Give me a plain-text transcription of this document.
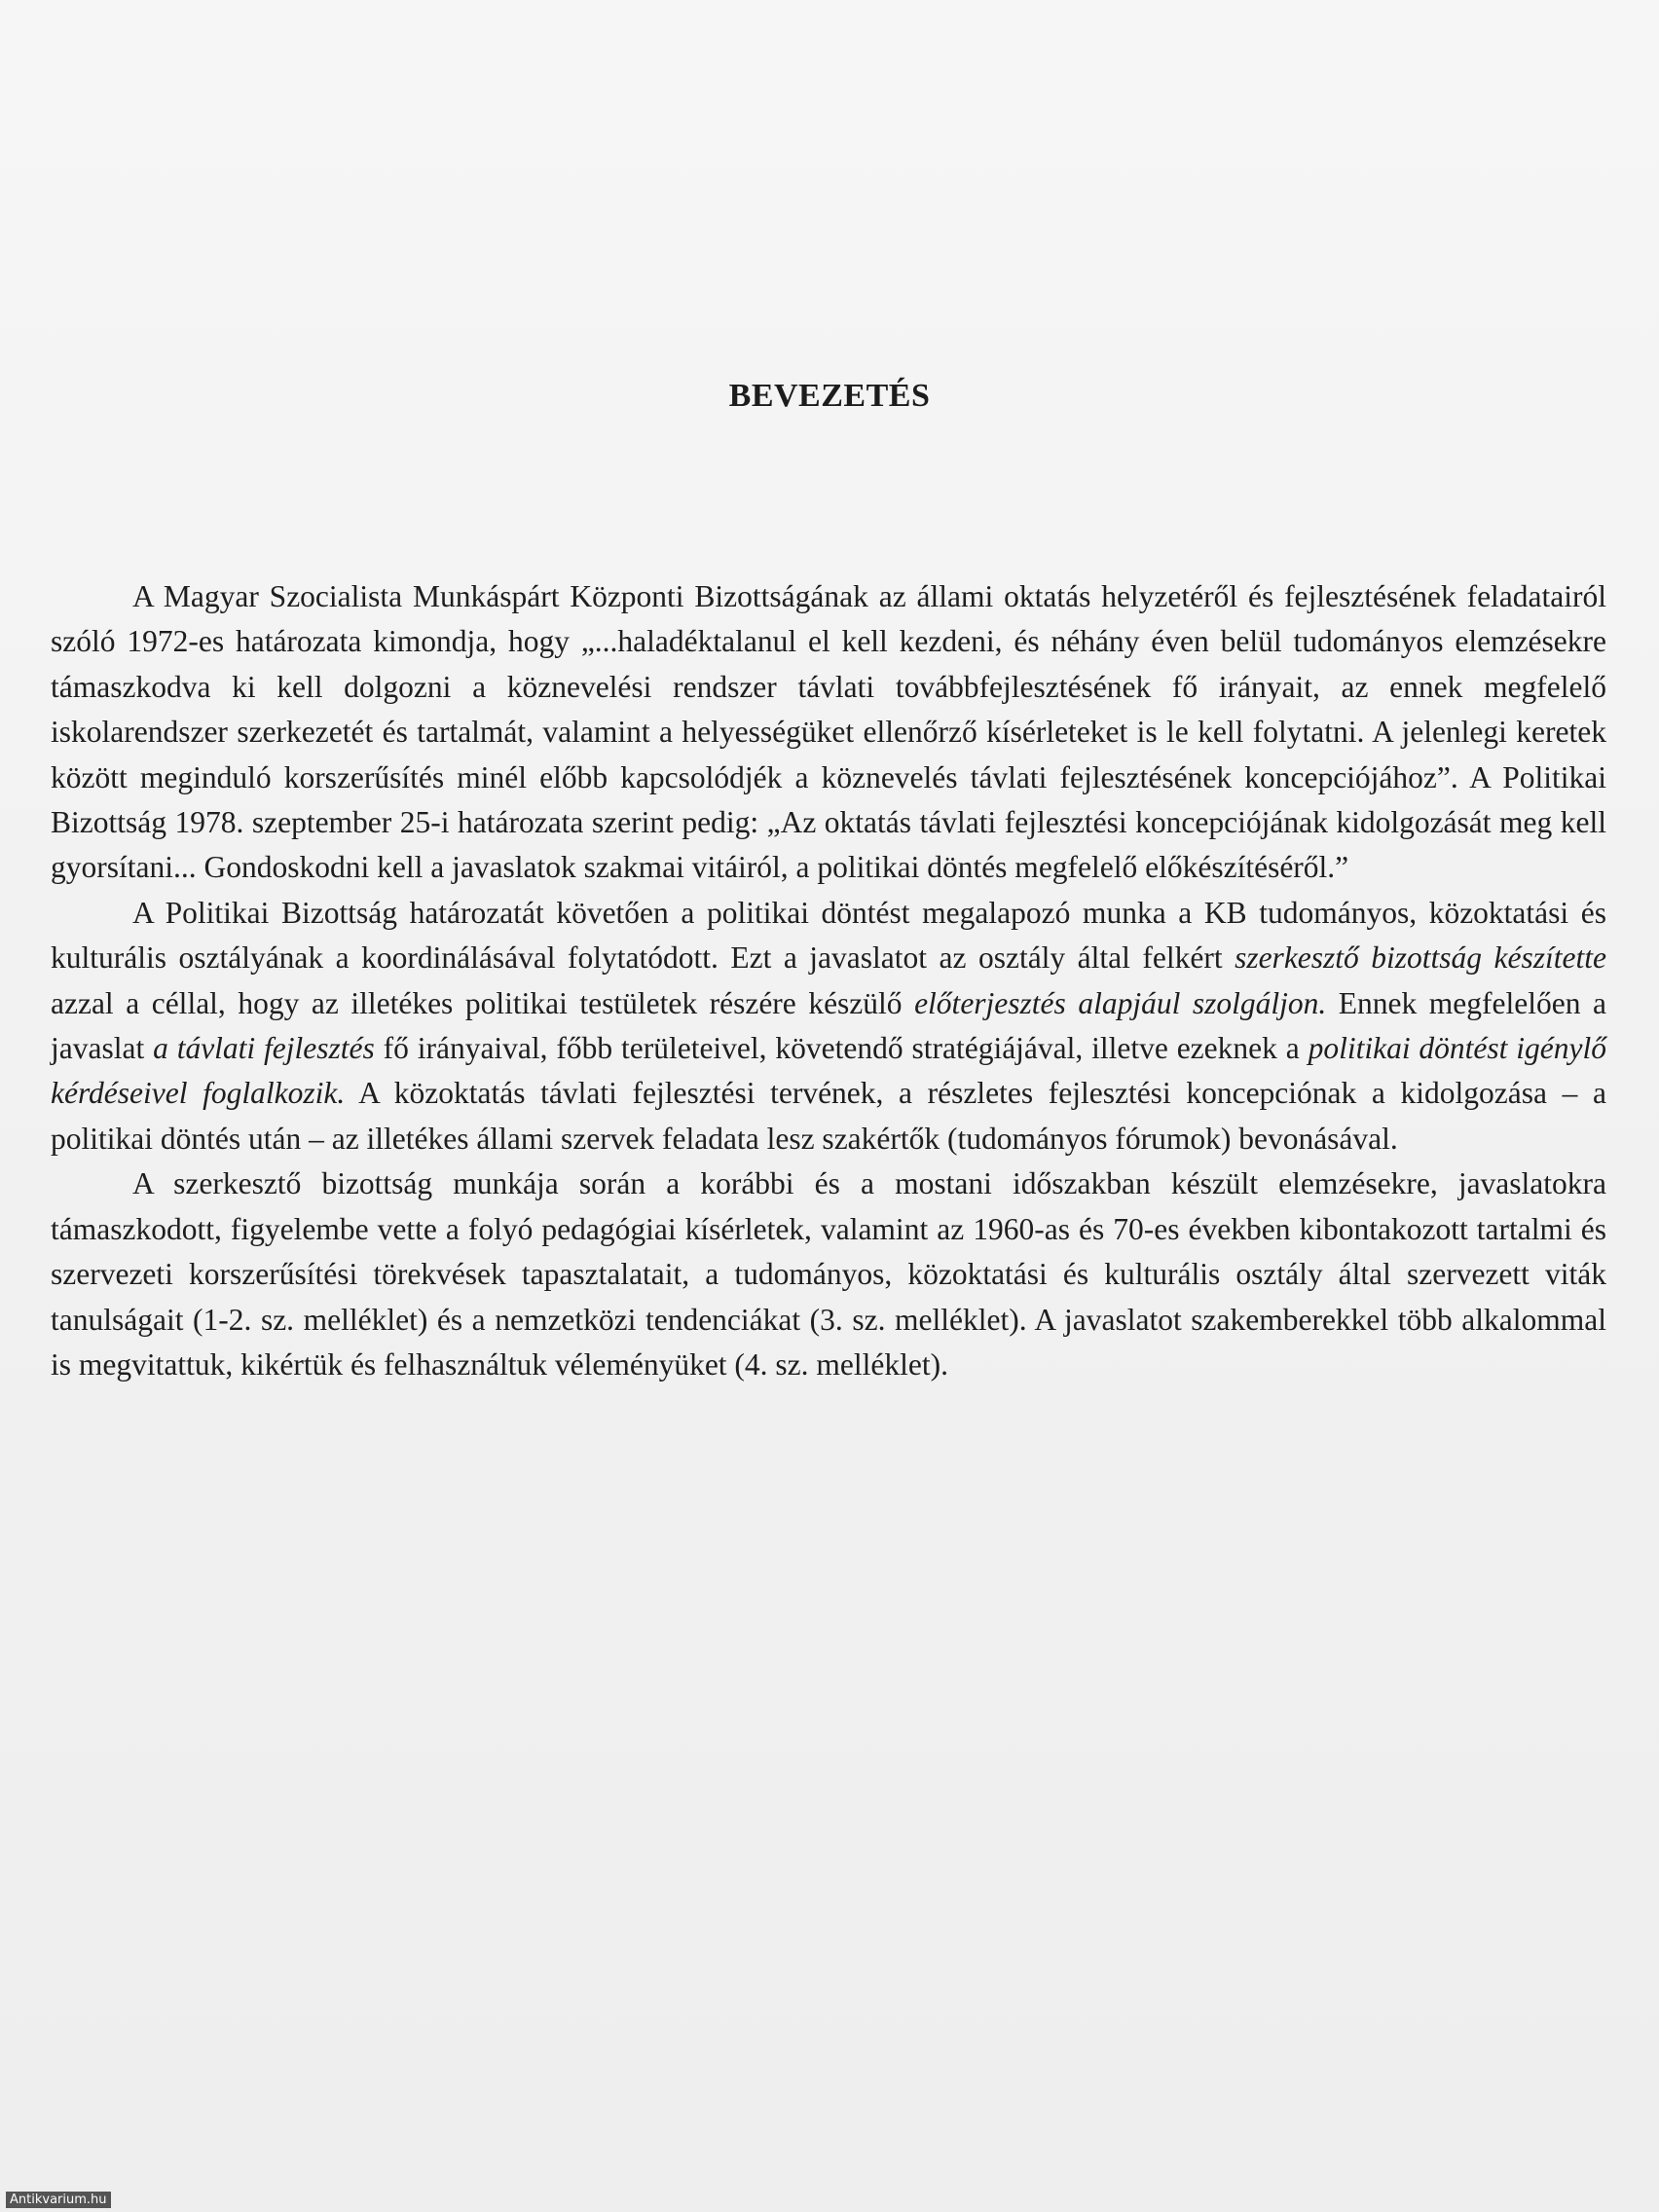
BEVEZETÉS

A Magyar Szocialista Munkáspárt Központi Bizottságának az állami oktatás helyzetéről és fejlesztésének feladatairól szóló 1972-es határozata kimondja, hogy „...haladéktalanul el kell kezdeni, és néhány éven belül tudományos elemzésekre támaszkodva ki kell dolgozni a köznevelési rendszer távlati továbbfejlesztésének fő irányait, az ennek megfelelő iskolarendszer szerkezetét és tartalmát, valamint a helyességüket ellenőrző kísérleteket is le kell folytatni. A jelenlegi keretek között meginduló korszerűsítés minél előbb kapcsolódjék a köznevelés távlati fejlesztésének koncepciójához”. A Politikai Bizottság 1978. szeptember 25-i határozata szerint pedig: „Az oktatás távlati fejlesztési koncepciójának kidolgozását meg kell gyorsítani... Gondoskodni kell a javaslatok szakmai vitáiról, a politikai döntés megfelelő előkészítéséről.”

A Politikai Bizottság határozatát követően a politikai döntést megalapozó munka a KB tudományos, közoktatási és kulturális osztályának a koordinálásával folytatódott. Ezt a javaslatot az osztály által felkért szerkesztő bizottság készítette azzal a céllal, hogy az illetékes politikai testületek részére készülő előterjesztés alapjául szolgáljon. Ennek megfelelően a javaslat a távlati fejlesztés fő irányaival, főbb területeivel, követendő stratégiájával, illetve ezeknek a politikai döntést igénylő kérdéseivel foglalkozik. A közoktatás távlati fejlesztési tervének, a részletes fejlesztési koncepciónak a kidolgozása – a politikai döntés után – az illetékes állami szervek feladata lesz szakértők (tudományos fórumok) bevonásával.

A szerkesztő bizottság munkája során a korábbi és a mostani időszakban készült elemzésekre, javaslatokra támaszkodott, figyelembe vette a folyó pedagógiai kísérletek, valamint az 1960-as és 70-es években kibontakozott tartalmi és szervezeti korszerűsítési törekvések tapasztalatait, a tudományos, közoktatási és kulturális osztály által szervezett viták tanulságait (1-2. sz. melléklet) és a nemzetközi tendenciákat (3. sz. melléklet). A javaslatot szakemberekkel több alkalommal is megvitattuk, kikértük és felhasználtuk véleményüket (4. sz. melléklet).

Antikvarium.hu
